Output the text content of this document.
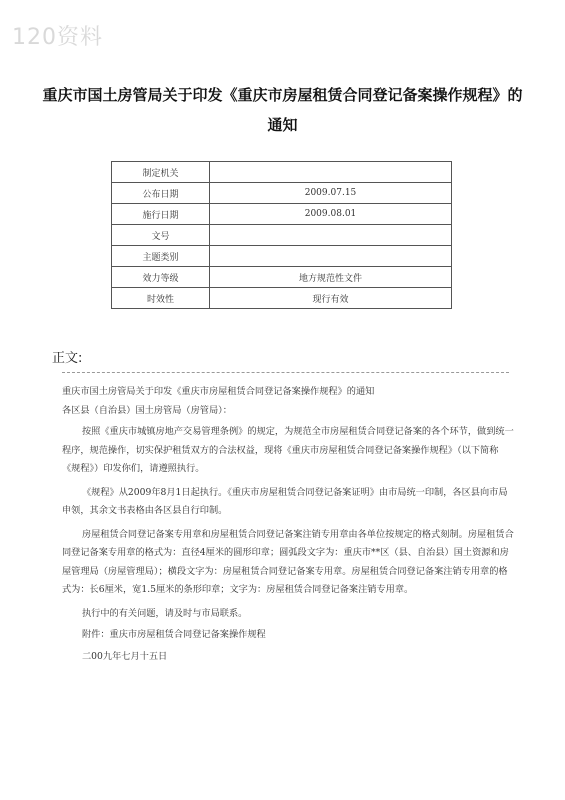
120资料
重庆市国土房管局关于印发《重庆市房屋租赁合同登记备案操作规程》的通知
制定机关	
公布日期	2009.07.15
施行日期	2009.08.01
文号	
主题类别	
效力等级	地方规范性文件
时效性	现行有效
正文:

重庆市国土房管局关于印发《重庆市房屋租赁合同登记备案操作规程》的通知

各区县（自治县）国土房管局（房管局）：

按照《重庆市城镇房地产交易管理条例》的规定，为规范全市房屋租赁合同登记备案的各个环节，做到统一程序，规范操作，切实保护租赁双方的合法权益，现将《重庆市房屋租赁合同登记备案操作规程》（以下简称《规程》）印发你们，请遵照执行。

《规程》从2009年8月1日起执行。《重庆市房屋租赁合同登记备案证明》由市局统一印制，各区县向市局申领，其余文书表格由各区县自行印制。

房屋租赁合同登记备案专用章和房屋租赁合同登记备案注销专用章由各单位按规定的格式刻制。房屋租赁合同登记备案专用章的格式为：直径4厘米的圆形印章；圆弧段文字为：重庆市**区（县、自治县）国土资源和房屋管理局（房屋管理局）；横段文字为：房屋租赁合同登记备案专用章。房屋租赁合同登记备案注销专用章的格式为：长6厘米，宽1.5厘米的条形印章；文字为：房屋租赁合同登记备案注销专用章。

执行中的有关问题，请及时与市局联系。

附件：重庆市房屋租赁合同登记备案操作规程

二00九年七月十五日
